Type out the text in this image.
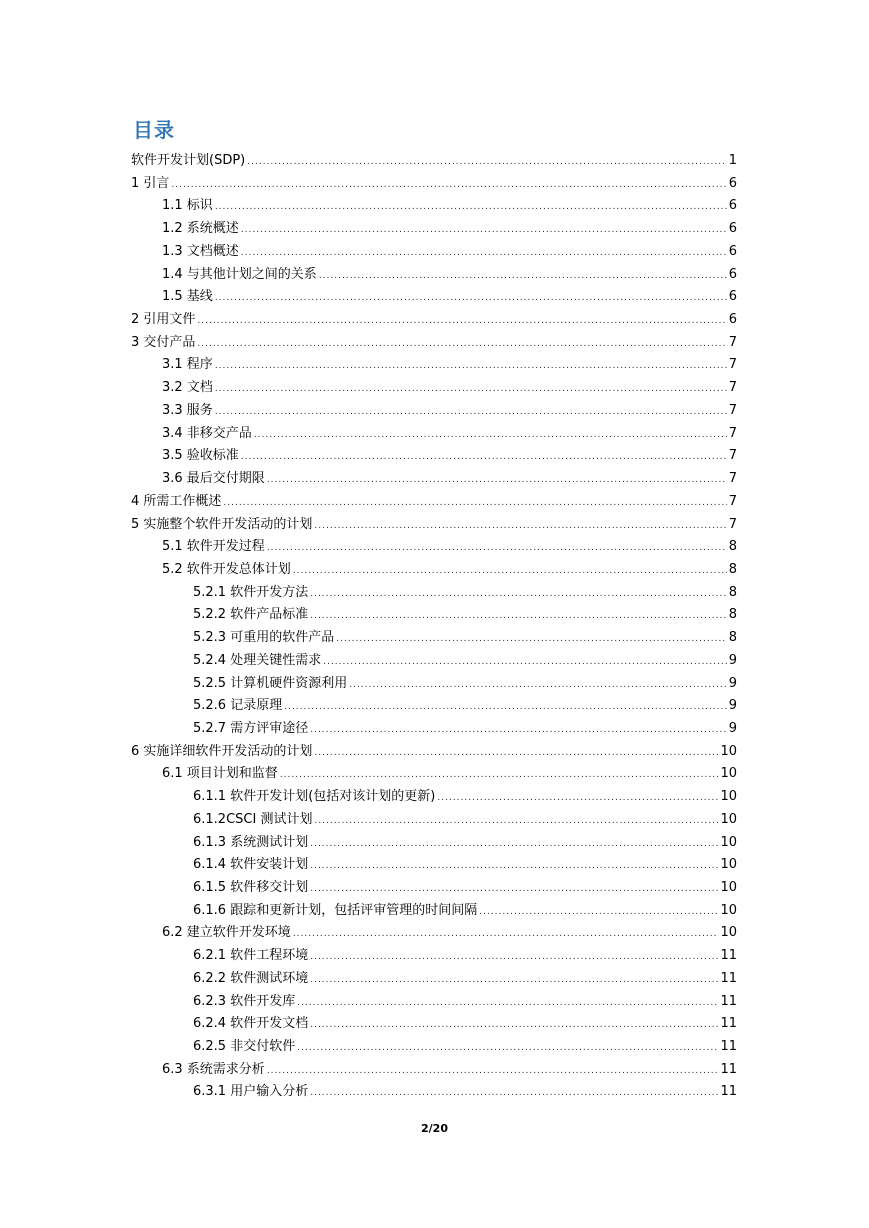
目录
软件开发计划(SDP) .....	1
1 引言 .....	6
1.1 标识 .....	6
1.2 系统概述 .....	6
1.3 文档概述 .....	6
1.4 与其他计划之间的关系 .....	6
1.5 基线 .....	6
2 引用文件 .....	6
3 交付产品 .....	7
3.1 程序 .....	7
3.2 文档 .....	7
3.3 服务 .....	7
3.4 非移交产品 .....	7
3.5 验收标准 .....	7
3.6 最后交付期限 .....	7
4 所需工作概述 .....	7
5 实施整个软件开发活动的计划 .....	7
5.1 软件开发过程 .....	8
5.2 软件开发总体计划 .....	8
5.2.1 软件开发方法 .....	8
5.2.2 软件产品标准 .....	8
5.2.3 可重用的软件产品 .....	8
5.2.4 处理关键性需求 .....	9
5.2.5 计算机硬件资源利用 .....	9
5.2.6 记录原理 .....	9
5.2.7 需方评审途径 .....	9
6 实施详细软件开发活动的计划 .....	10
6.1 项目计划和监督 .....	10
6.1.1 软件开发计划(包括对该计划的更新) .....	10
6.1.2CSCI 测试计划 .....	10
6.1.3 系统测试计划 .....	10
6.1.4 软件安装计划 .....	10
6.1.5 软件移交计划 .....	10
6.1.6 跟踪和更新计划，包括评审管理的时间间隔 .....	10
6.2 建立软件开发环境 .....	10
6.2.1 软件工程环境 .....	11
6.2.2 软件测试环境 .....	11
6.2.3 软件开发库 .....	11
6.2.4 软件开发文档 .....	11
6.2.5 非交付软件 .....	11
6.3 系统需求分析 .....	11
6.3.1 用户输入分析 .....	11
2/20
